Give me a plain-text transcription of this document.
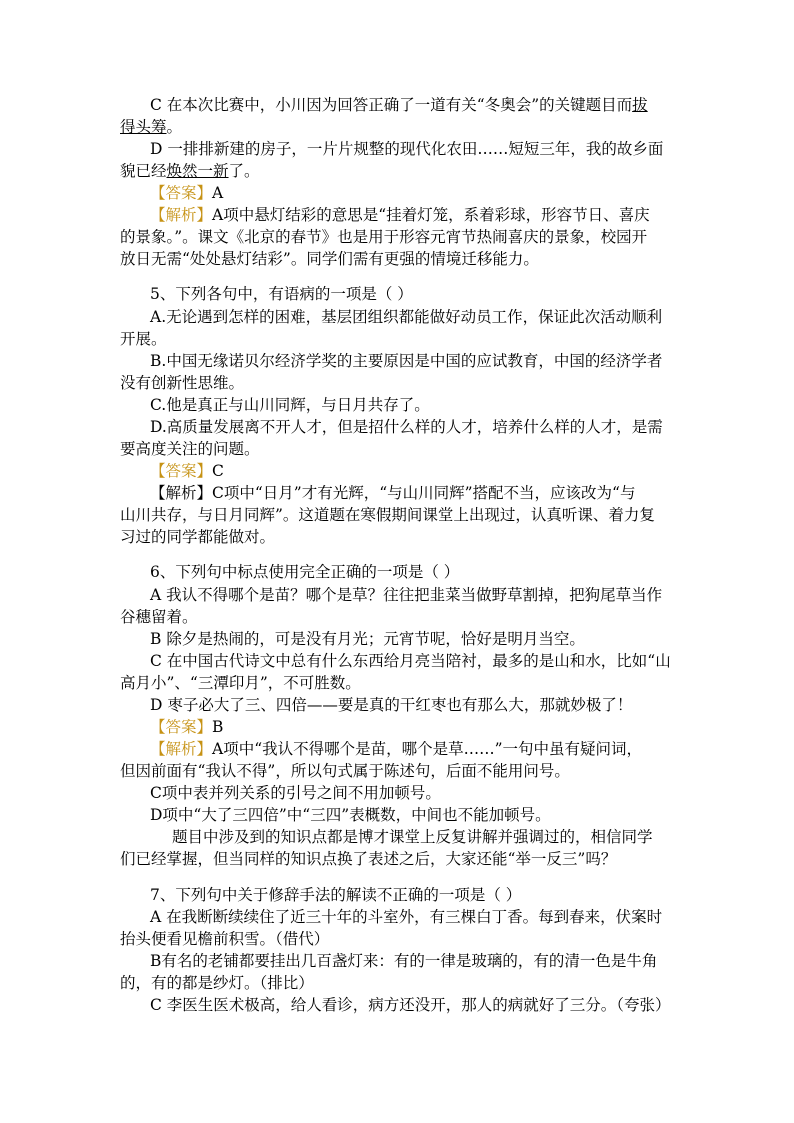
C 在本次比赛中，小川因为回答正确了一道有关“冬奥会”的关键题目而拔
得头筹。
D 一排排新建的房子，一片片规整的现代化农田……短短三年，我的故乡面
貌已经焕然一新了。
【答案】A
【解析】A项中悬灯结彩的意思是“挂着灯笼，系着彩球，形容节日、喜庆
的景象。”。课文《北京的春节》也是用于形容元宵节热闹喜庆的景象，校园开
放日无需“处处悬灯结彩”。同学们需有更强的情境迁移能力。
5、下列各句中，有语病的一项是（ ）
A.无论遇到怎样的困难，基层团组织都能做好动员工作，保证此次活动顺利
开展。
B.中国无缘诺贝尔经济学奖的主要原因是中国的应试教育，中国的经济学者
没有创新性思维。
C.他是真正与山川同辉，与日月共存了。
D.高质量发展离不开人才，但是招什么样的人才，培养什么样的人才，是需
要高度关注的问题。
【答案】C
【解析】C项中“日月”才有光辉，“与山川同辉”搭配不当，应该改为“与
山川共存，与日月同辉”。这道题在寒假期间课堂上出现过，认真听课、着力复
习过的同学都能做对。
6、下列句中标点使用完全正确的一项是（ ）
A 我认不得哪个是苗？哪个是草？往往把韭菜当做野草割掉，把狗尾草当作
谷穗留着。
B 除夕是热闹的，可是没有月光；元宵节呢，恰好是明月当空。
C 在中国古代诗文中总有什么东西给月亮当陪衬，最多的是山和水，比如“山
高月小”、“三潭印月”，不可胜数。
D 枣子必大了三、四倍——要是真的干红枣也有那么大，那就妙极了！
【答案】B
【解析】A项中“我认不得哪个是苗，哪个是草……”一句中虽有疑问词，
但因前面有“我认不得”，所以句式属于陈述句，后面不能用问号。
C项中表并列关系的引号之间不用加顿号。
D项中“大了三四倍”中“三四”表概数，中间也不能加顿号。
题目中涉及到的知识点都是博才课堂上反复讲解并强调过的，相信同学
们已经掌握，但当同样的知识点换了表述之后，大家还能“举一反三”吗？
7、下列句中关于修辞手法的解读不正确的一项是（ ）
A 在我断断续续住了近三十年的斗室外，有三棵白丁香。每到春来，伏案时
抬头便看见檐前积雪。（借代）
B有名的老铺都要挂出几百盏灯来：有的一律是玻璃的，有的清一色是牛角
的，有的都是纱灯。（排比）
C 李医生医术极高，给人看诊，病方还没开，那人的病就好了三分。（夸张）
